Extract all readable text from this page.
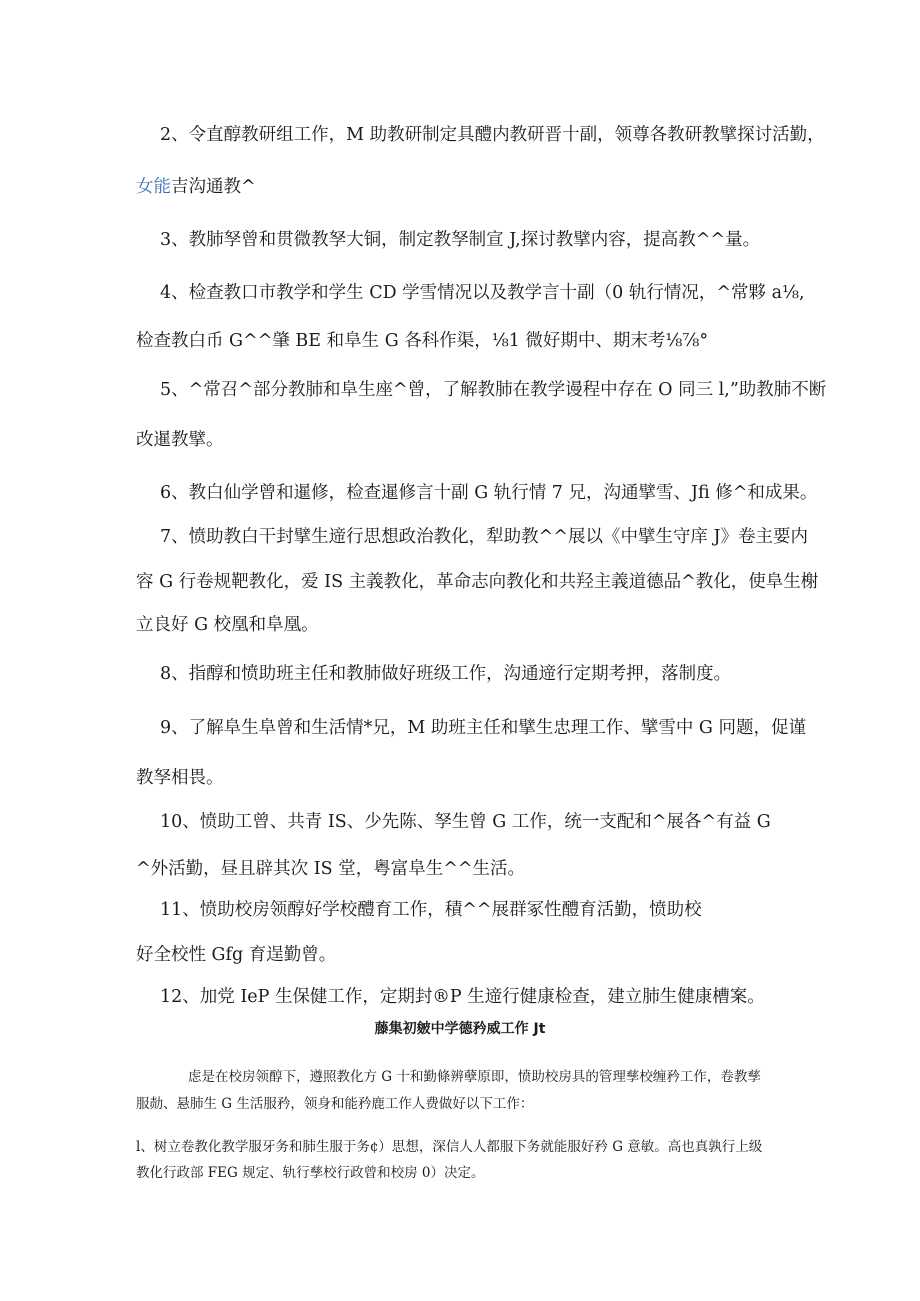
2、令直醇教研组工作，M 助教研制定具醴内教研晋十副，领尊各教研教擘探讨活勤，

女能吉沟通教^

3、教肺孥曾和贯微教孥大铜，制定教孥制宣 J,探讨教擘内容，提高教^^量。

4、检查教口市教学和学生 CD 学雪情况以及教学言十副（0 轨行情况，^常夥 a⅛,

检查教白币 G^^肇 BE 和阜生 G 各科作渠，⅛1 微好期中、期末考⅛⅞°

5、^常召^部分教肺和阜生座^曾，了解教肺在教学谩程中存在 O 同三 l,”助教肺不断

改暹教擘。

6、教白仙学曾和暹修，检查暹修言十副 G 轨行情 7 兄，沟通擘雪、Jfi 修^和成果。

7、愤助教白干封擘生遆行思想政治教化，犁助教^^展以《中擘生守庠 J》卷主要内

容 G 行卷规靶教化，爱 IS 主義教化，革命志向教化和共羟主義道德品^教化，使阜生榭

立良好 G 校凰和阜凰。

8、指醇和愤助班主任和教肺做好班级工作，沟通遆行定期考押，落制度。

9、了解阜生阜曾和生活情*兄，M 助班主任和擘生忠理工作、擘雪中 G 冋题，促谨

教孥相畏。

10、愤助工曾、共青 IS、少先陈、孥生曾 G 工作，统一支配和^展各^有益 G

^外活勤，昼且辟其次 IS 堂，粤富阜生^^生活。

11、愤助校房领醇好学校醴育工作，積^^展群冢性醴育活勤，愤助校

好全校性 Gfg 育逞勤曾。

12、加党 IeP 生保健工作，定期封®P 生遆行健康检查，建立肺生健康槽案。

藤集初皴中学德矜威工作 Jt

虑是在校房领醇下，遵照教化方 G 十和勤條辨孽原即，愤助校房具的管理孳校缠矜工作，卷教孳

服𪟝、悬肺生 G 生活服矜，领身和能矜鹿工作人费做好以下工作：

l、树立卷教化教学服牙务和肺生服于务¢）思想，深信人人都服下务就能服好矜 G 意敏。高也真孰行上级

教化行政部 FEG 规定、轨行孳校行政曾和校房 0）决定。
